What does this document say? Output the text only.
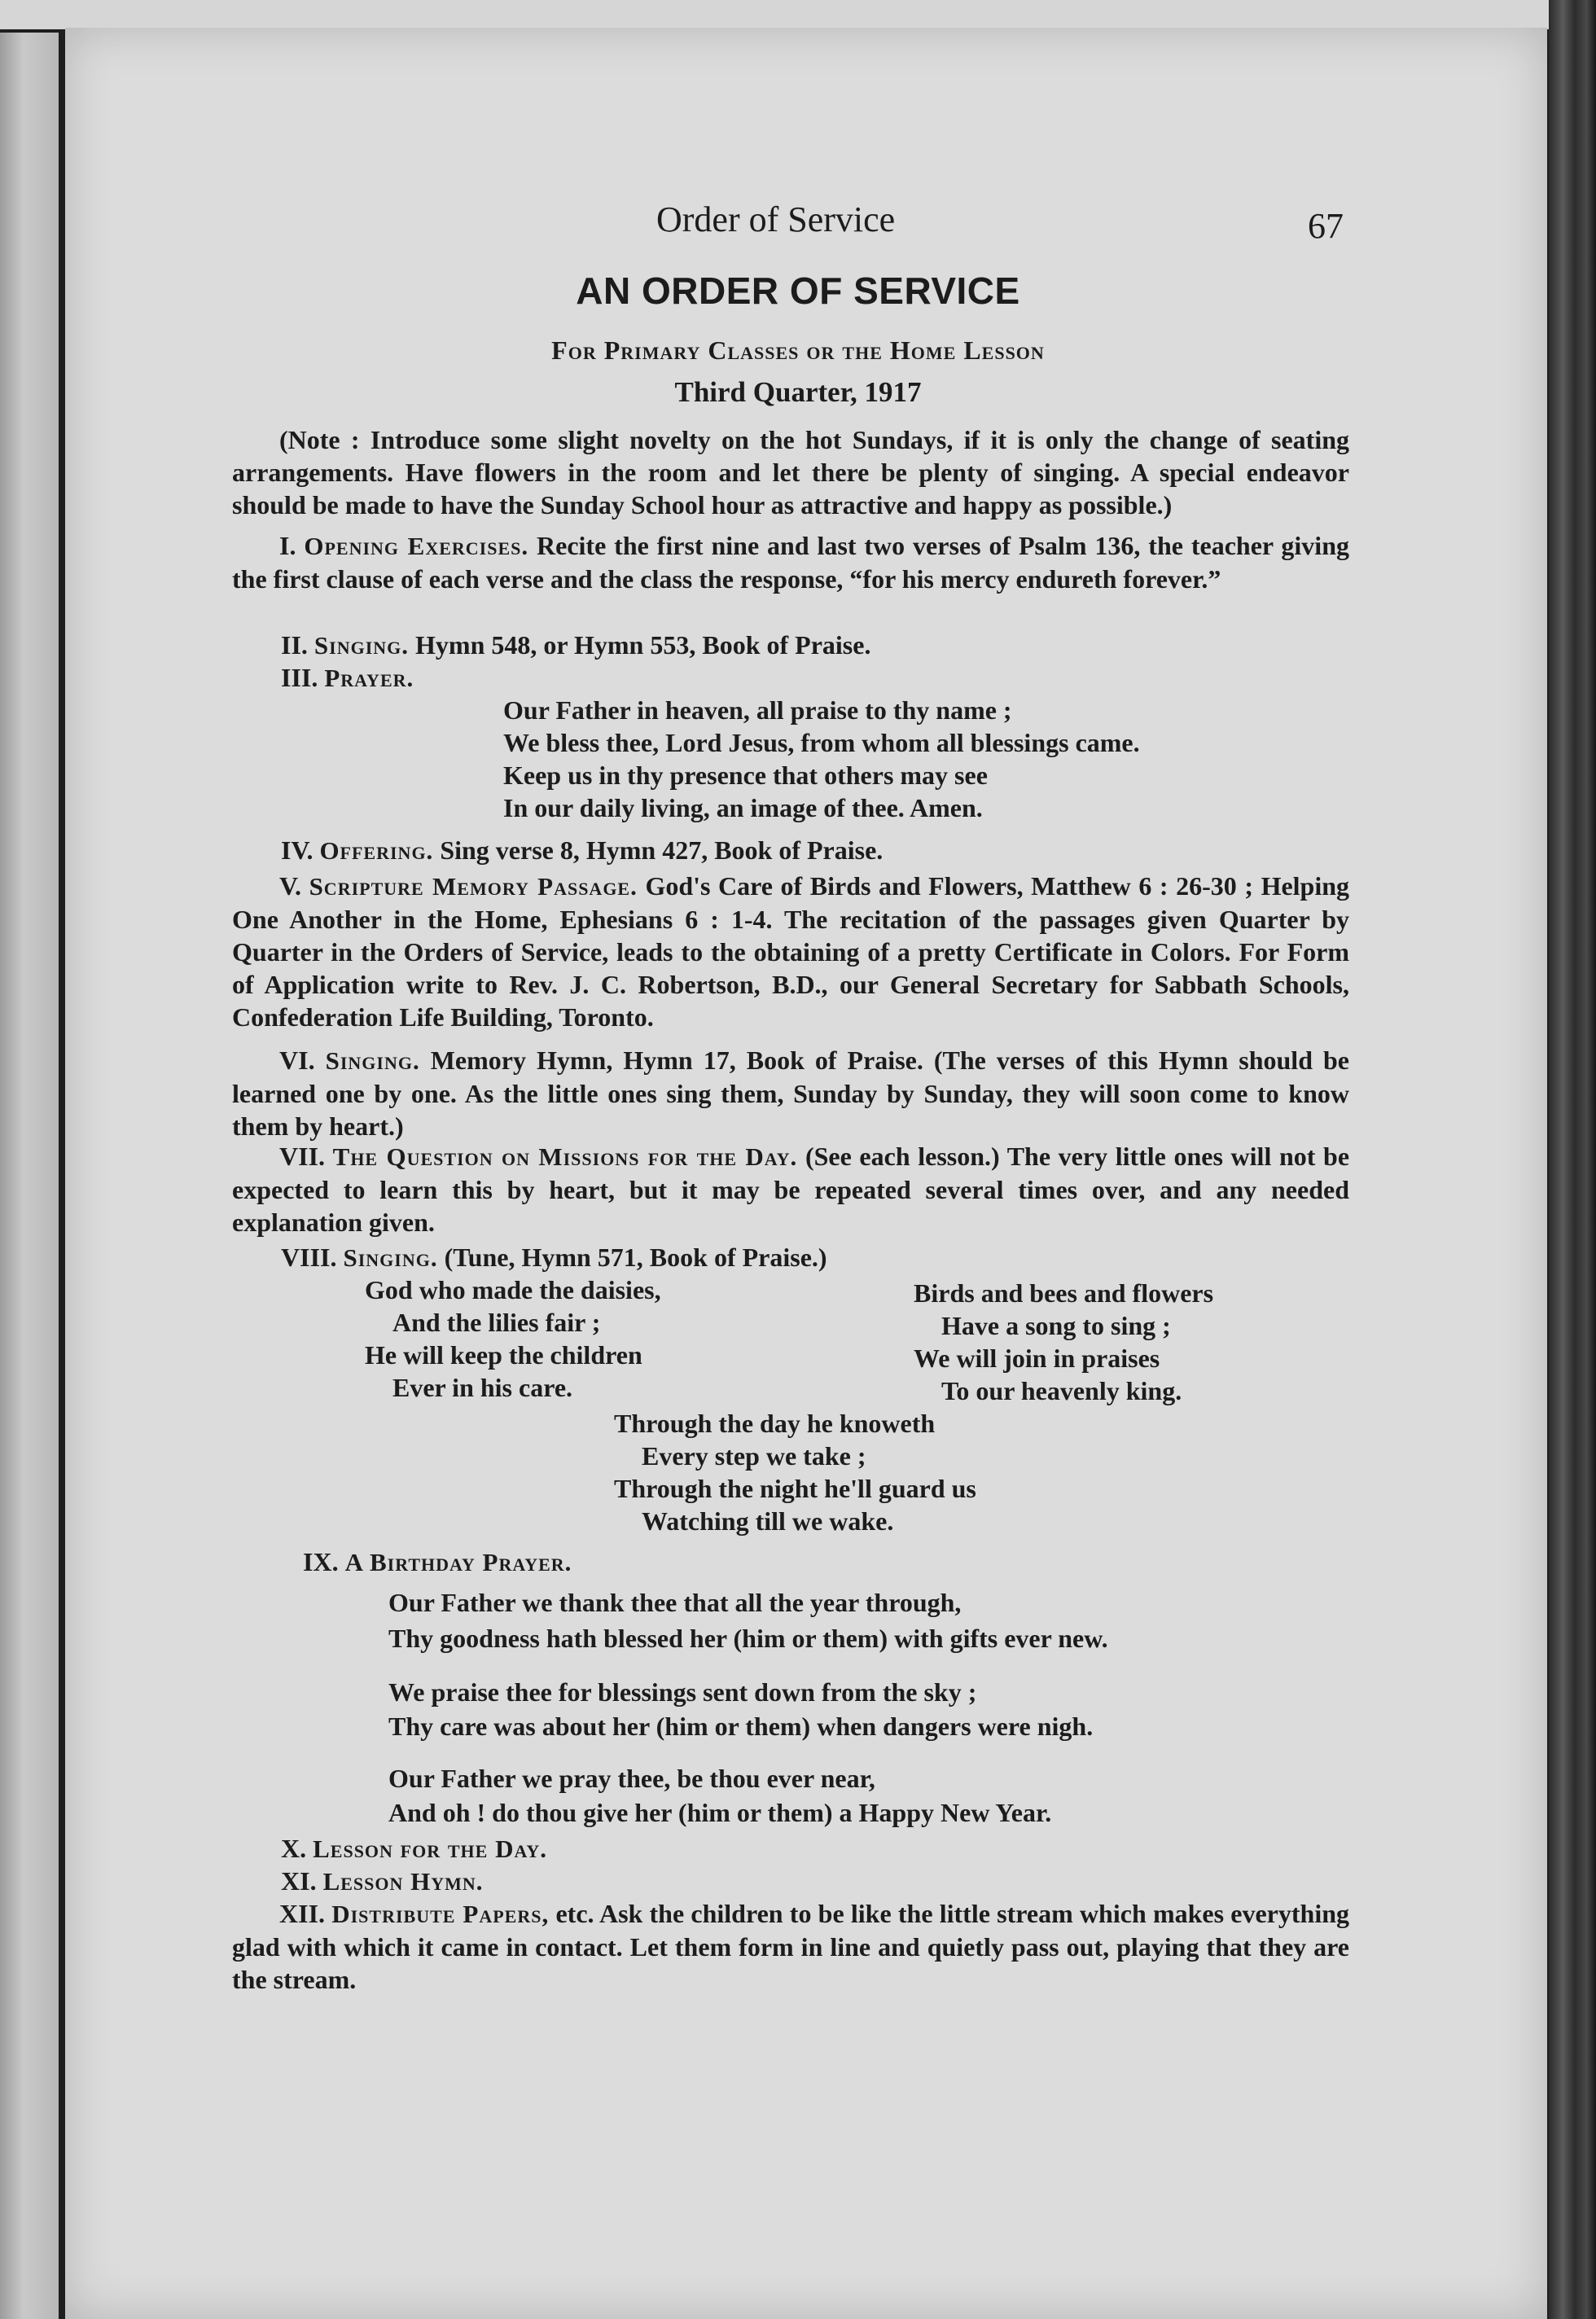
Order of Service	67
AN ORDER OF SERVICE
For Primary Classes or the Home Lesson
Third Quarter, 1917
(Note : Introduce some slight novelty on the hot Sundays, if it is only the change of seating arrangements. Have flowers in the room and let there be plenty of singing. A special endeavor should be made to have the Sunday School hour as attractive and happy as possible.)
I. Opening Exercises. Recite the first nine and last two verses of Psalm 136, the teacher giving the first clause of each verse and the class the response, “for his mercy endureth forever.”
II. Singing. Hymn 548, or Hymn 553, Book of Praise.
III. Prayer.
Our Father in heaven, all praise to thy name ;
We bless thee, Lord Jesus, from whom all blessings came.
Keep us in thy presence that others may see
In our daily living, an image of thee. Amen.
IV. Offering. Sing verse 8, Hymn 427, Book of Praise.
V. Scripture Memory Passage. God's Care of Birds and Flowers, Matthew 6 : 26-30 ; Helping One Another in the Home, Ephesians 6 : 1-4. The recitation of the passages given Quarter by Quarter in the Orders of Service, leads to the obtaining of a pretty Certificate in Colors. For Form of Application write to Rev. J. C. Robertson, B.D., our General Secretary for Sabbath Schools, Confederation Life Building, Toronto.
VI. Singing. Memory Hymn, Hymn 17, Book of Praise. (The verses of this Hymn should be learned one by one. As the little ones sing them, Sunday by Sunday, they will soon come to know them by heart.)
VII. The Question on Missions for the Day. (See each lesson.) The very little ones will not be expected to learn this by heart, but it may be repeated several times over, and any needed explanation given.
VIII. Singing. (Tune, Hymn 571, Book of Praise.)
God who made the daisies,
And the lilies fair ;
He will keep the children
Ever in his care.
Birds and bees and flowers
Have a song to sing ;
We will join in praises
To our heavenly king.
Through the day he knoweth
Every step we take ;
Through the night he'll guard us
Watching till we wake.
IX. A Birthday Prayer.
Our Father we thank thee that all the year through,
Thy goodness hath blessed her (him or them) with gifts ever new.
We praise thee for blessings sent down from the sky ;
Thy care was about her (him or them) when dangers were nigh.
Our Father we pray thee, be thou ever near,
And oh ! do thou give her (him or them) a Happy New Year.
X. Lesson for the Day.
XI. Lesson Hymn.
XII. Distribute Papers, etc. Ask the children to be like the little stream which makes everything glad with which it came in contact. Let them form in line and quietly pass out, playing that they are the stream.
